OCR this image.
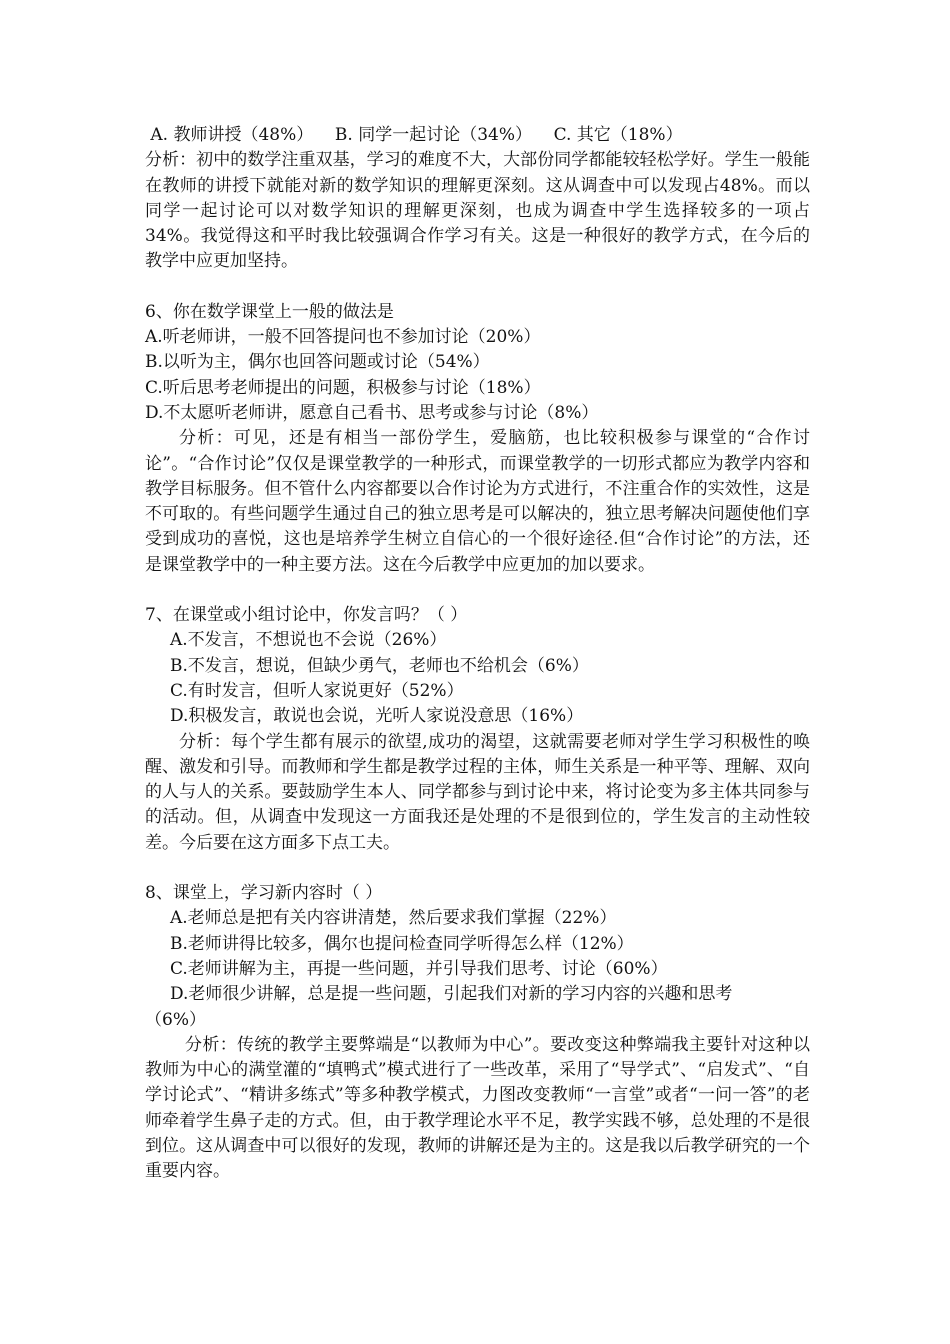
A. 教师讲授（48%）    B. 同学一起讨论（34%）    C. 其它（18%）

分析：初中的数学注重双基，学习的难度不大，大部份同学都能较轻松学好。学生一般能在教师的讲授下就能对新的数学知识的理解更深刻。这从调查中可以发现占48%。而以同学一起讨论可以对数学知识的理解更深刻，也成为调查中学生选择较多的一项占34%。我觉得这和平时我比较强调合作学习有关。这是一种很好的教学方式，在今后的教学中应更加坚持。

6、你在数学课堂上一般的做法是

A.听老师讲，一般不回答提问也不参加讨论（20%）

B.以听为主，偶尔也回答问题或讨论（54%）

C.听后思考老师提出的问题，积极参与讨论（18%）

D.不太愿听老师讲，愿意自己看书、思考或参与讨论（8%）

分析：可见，还是有相当一部份学生，爱脑筋，也比较积极参与课堂的“合作讨论”。“合作讨论”仅仅是课堂教学的一种形式，而课堂教学的一切形式都应为教学内容和教学目标服务。但不管什么内容都要以合作讨论为方式进行，不注重合作的实效性，这是不可取的。有些问题学生通过自己的独立思考是可以解决的，独立思考解决问题使他们享受到成功的喜悦，这也是培养学生树立自信心的一个很好途径.但“合作讨论”的方法，还是课堂教学中的一种主要方法。这在今后教学中应更加的加以要求。

7、在课堂或小组讨论中，你发言吗？（ ）

A.不发言，不想说也不会说（26%）

B.不发言，想说，但缺少勇气，老师也不给机会（6%）

C.有时发言，但听人家说更好（52%）

D.积极发言，敢说也会说，光听人家说没意思（16%）

分析：每个学生都有展示的欲望,成功的渴望，这就需要老师对学生学习积极性的唤醒、激发和引导。而教师和学生都是教学过程的主体，师生关系是一种平等、理解、双向的人与人的关系。要鼓励学生本人、同学都参与到讨论中来，将讨论变为多主体共同参与的活动。但，从调查中发现这一方面我还是处理的不是很到位的，学生发言的主动性较差。今后要在这方面多下点工夫。

8、课堂上，学习新内容时（ ）

A.老师总是把有关内容讲清楚，然后要求我们掌握（22%）

B.老师讲得比较多，偶尔也提问检查同学听得怎么样（12%）

C.老师讲解为主，再提一些问题，并引导我们思考、讨论（60%）

D.老师很少讲解，总是提一些问题，引起我们对新的学习内容的兴趣和思考

（6%）

分析：传统的教学主要弊端是“以教师为中心”。要改变这种弊端我主要针对这种以教师为中心的满堂灌的“填鸭式”模式进行了一些改革，采用了“导学式”、“启发式”、“自学讨论式”、“精讲多练式”等多种教学模式，力图改变教师“一言堂”或者“一问一答”的老师牵着学生鼻子走的方式。但，由于教学理论水平不足，教学实践不够，总处理的不是很到位。这从调查中可以很好的发现，教师的讲解还是为主的。这是我以后教学研究的一个重要内容。
